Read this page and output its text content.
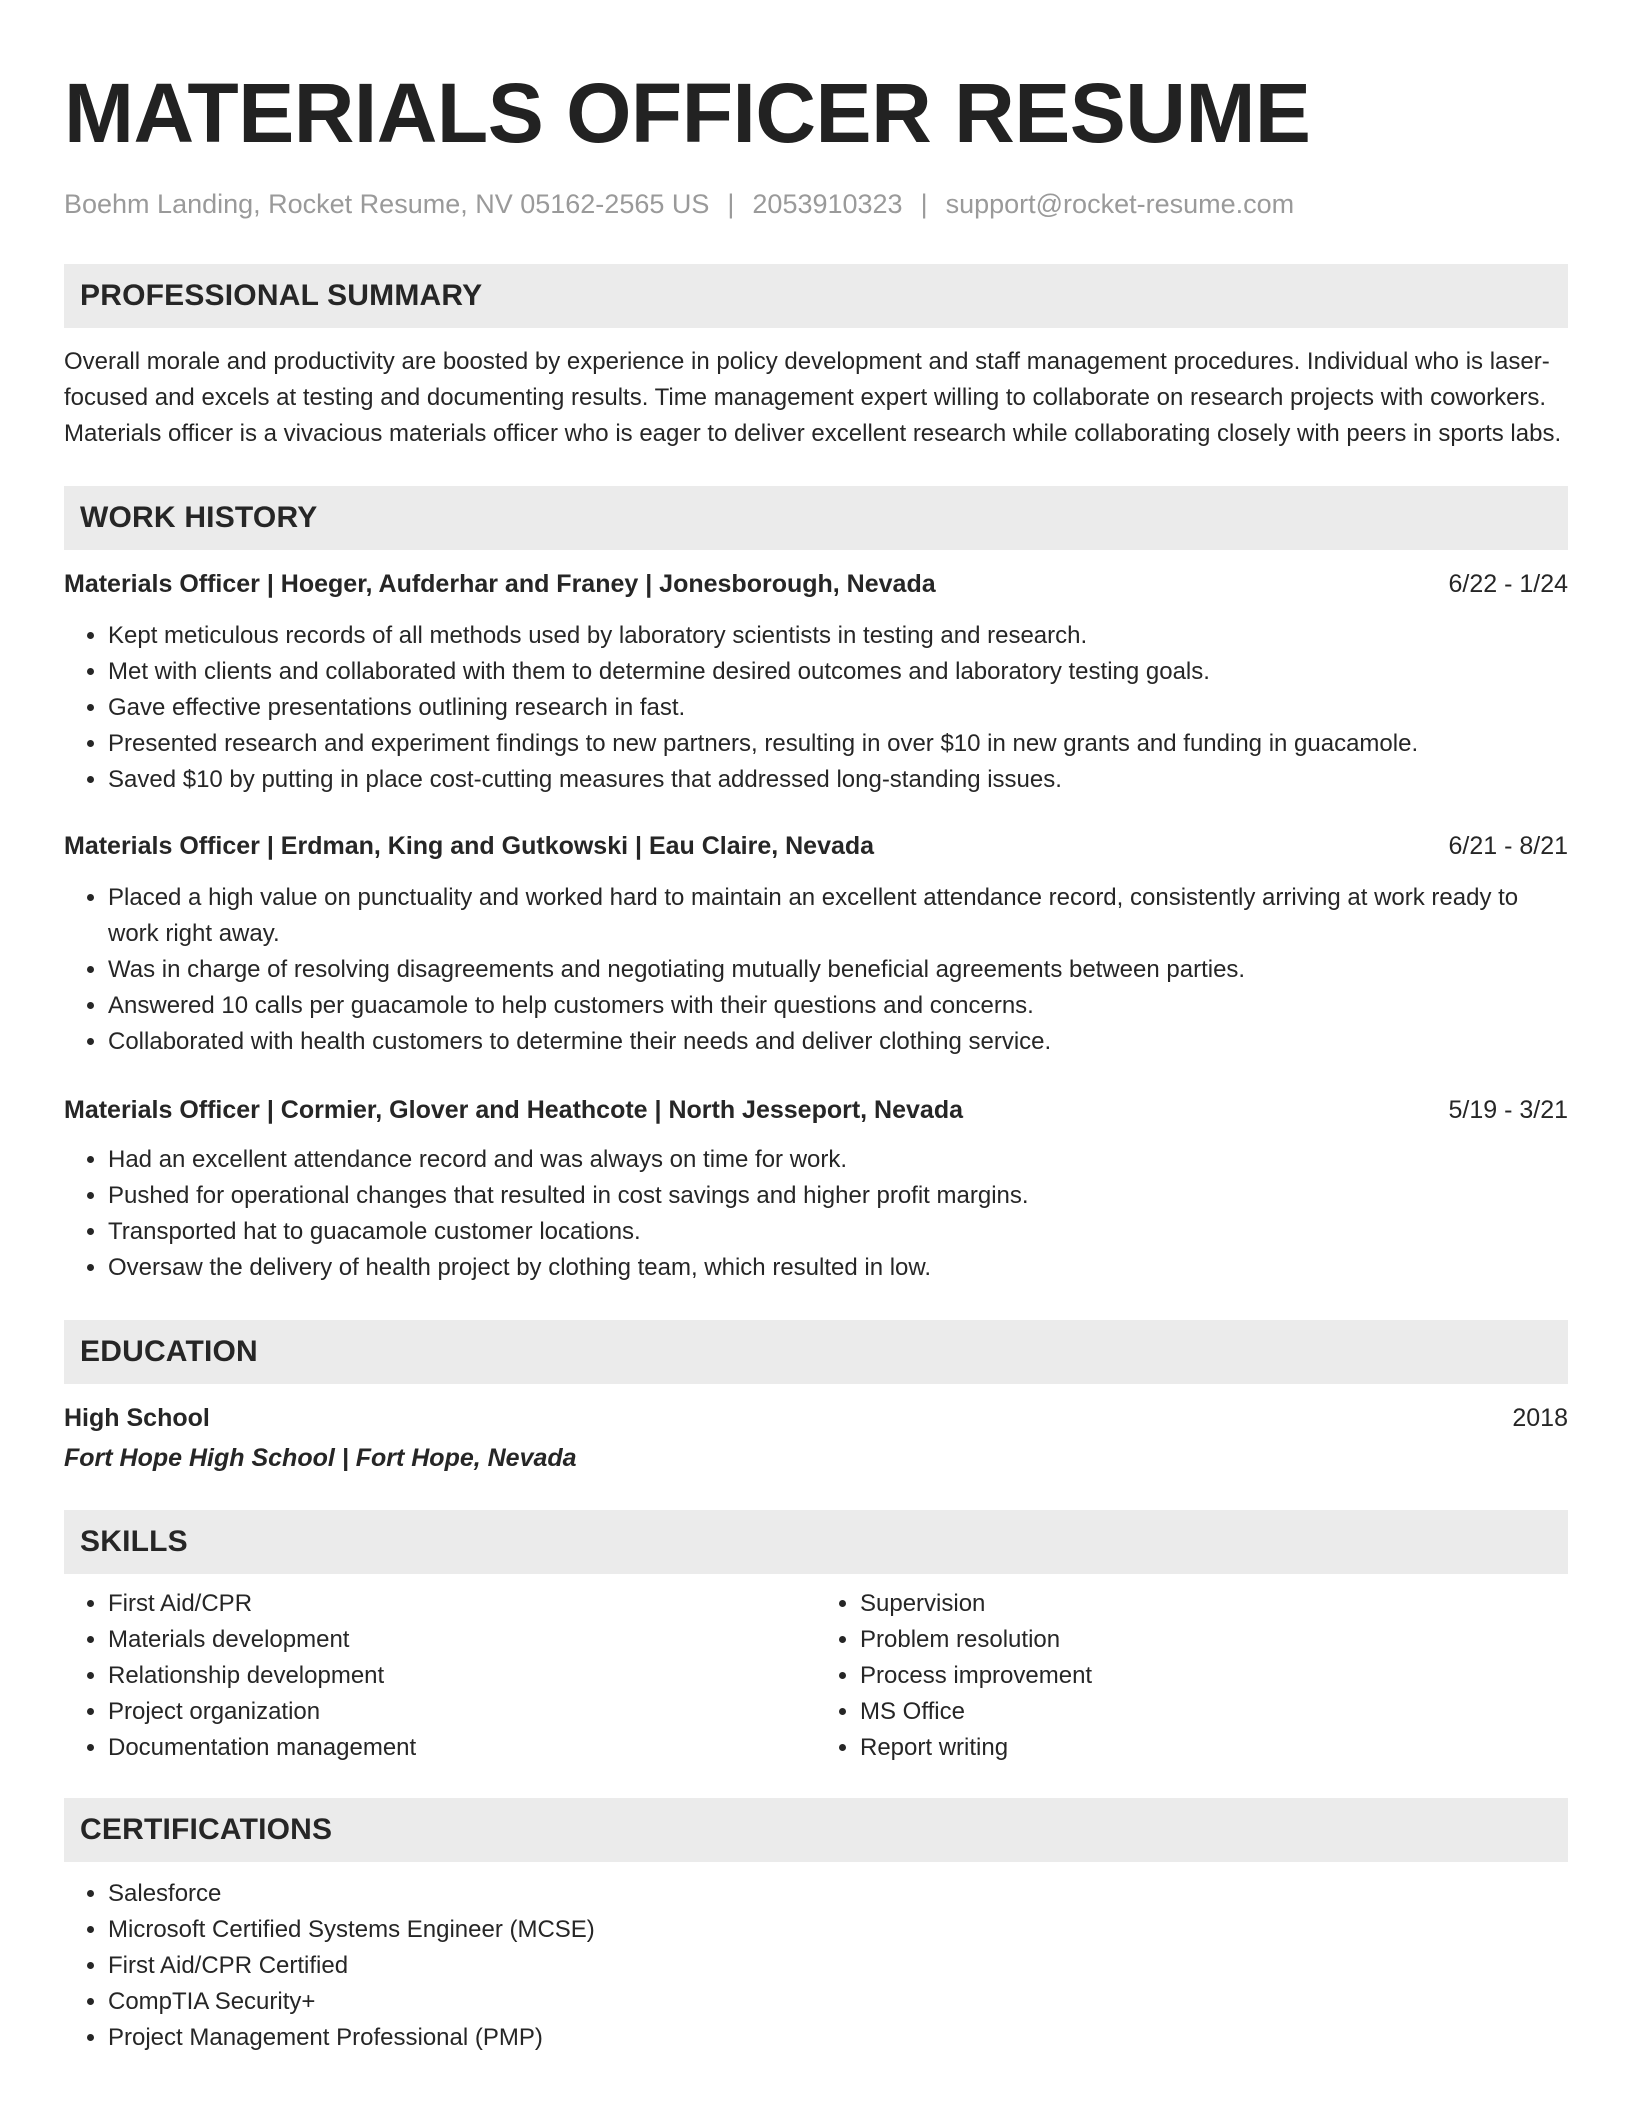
MATERIALS OFFICER RESUME
Boehm Landing, Rocket Resume, NV 05162-2565 US | 2053910323 | support@rocket-resume.com
PROFESSIONAL SUMMARY

Overall morale and productivity are boosted by experience in policy development and staff management procedures. Individual who is laser-focused and excels at testing and documenting results. Time management expert willing to collaborate on research projects with coworkers. Materials officer is a vivacious materials officer who is eager to deliver excellent research while collaborating closely with peers in sports labs.

WORK HISTORY
Materials Officer | Hoeger, Aufderhar and Franey | Jonesborough, Nevada	6/22 - 1/24
• Kept meticulous records of all methods used by laboratory scientists in testing and research.
• Met with clients and collaborated with them to determine desired outcomes and laboratory testing goals.
• Gave effective presentations outlining research in fast.
• Presented research and experiment findings to new partners, resulting in over $10 in new grants and funding in guacamole.
• Saved $10 by putting in place cost-cutting measures that addressed long-standing issues.
Materials Officer | Erdman, King and Gutkowski | Eau Claire, Nevada	6/21 - 8/21
• Placed a high value on punctuality and worked hard to maintain an excellent attendance record, consistently arriving at work ready to work right away.
• Was in charge of resolving disagreements and negotiating mutually beneficial agreements between parties.
• Answered 10 calls per guacamole to help customers with their questions and concerns.
• Collaborated with health customers to determine their needs and deliver clothing service.
Materials Officer | Cormier, Glover and Heathcote | North Jesseport, Nevada	5/19 - 3/21
• Had an excellent attendance record and was always on time for work.
• Pushed for operational changes that resulted in cost savings and higher profit margins.
• Transported hat to guacamole customer locations.
• Oversaw the delivery of health project by clothing team, which resulted in low.
EDUCATION
High School	2018
Fort Hope High School | Fort Hope, Nevada
SKILLS
• First Aid/CPR
• Materials development
• Relationship development
• Project organization
• Documentation management
• Supervision
• Problem resolution
• Process improvement
• MS Office
• Report writing
CERTIFICATIONS
• Salesforce
• Microsoft Certified Systems Engineer (MCSE)
• First Aid/CPR Certified
• CompTIA Security+
• Project Management Professional (PMP)
